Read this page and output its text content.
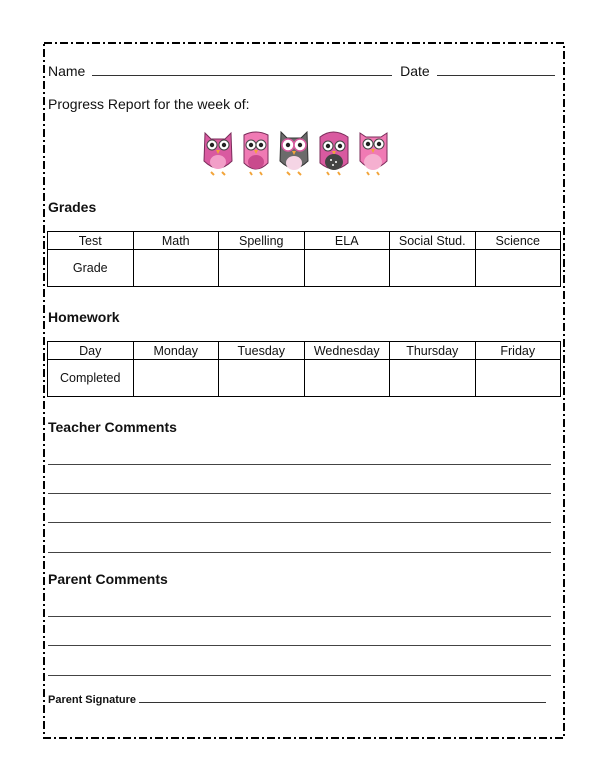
Name	Date
Progress Report for the week of:
Grades
Test	Math	Spelling	ELA	Social Stud.	Science
Grade					
Homework
Day	Monday	Tuesday	Wednesday	Thursday	Friday
Completed					
Teacher Comments
Parent Comments
Parent Signature
